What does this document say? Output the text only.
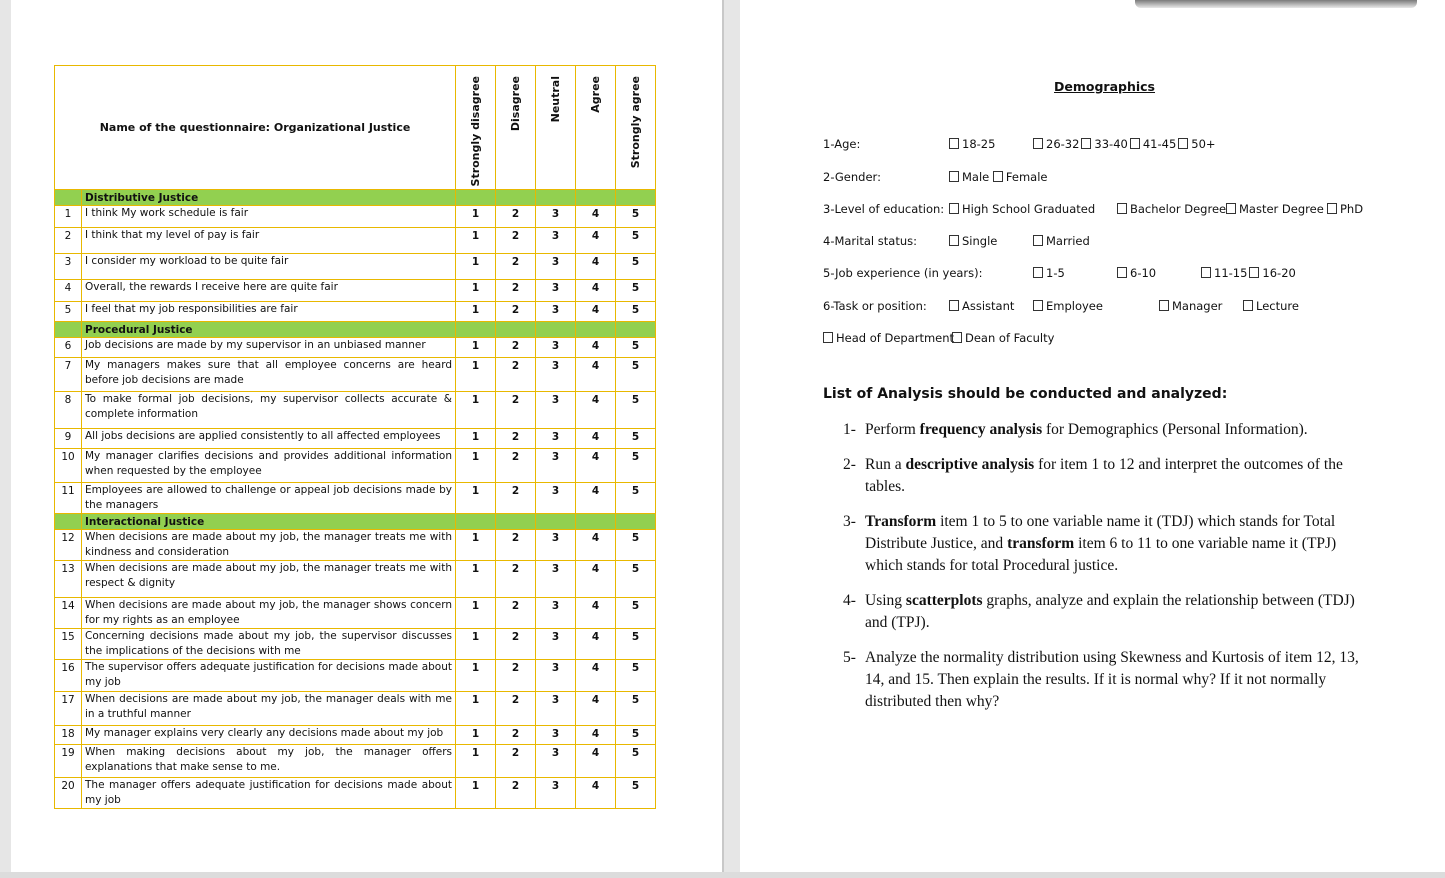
Name of the questionnaire: Organizational Justice		Strongly disagree	Disagree	Neutral	Agree	Strongly agree
	Distributive Justice					
1	I think My work schedule is fair	1	2	3	4	5
2	I think that my level of pay is fair	1	2	3	4	5
3	I consider my workload to be quite fair	1	2	3	4	5
4	Overall, the rewards I receive here are quite fair	1	2	3	4	5
5	I feel that my job responsibilities are fair	1	2	3	4	5
	Procedural Justice					
6	Job decisions are made by my supervisor in an unbiased manner	1	2	3	4	5
7	My managers makes sure that all employee concerns are heard before job decisions are made	1	2	3	4	5
8	To make formal job decisions, my supervisor collects accurate & complete information	1	2	3	4	5
9	All jobs decisions are applied consistently to all affected employees	1	2	3	4	5
10	My manager clarifies decisions and provides additional information when requested by the employee	1	2	3	4	5
11	Employees are allowed to challenge or appeal job decisions made by the managers	1	2	3	4	5
	Interactional Justice					
12	When decisions are made about my job, the manager treats me with kindness and consideration	1	2	3	4	5
13	When decisions are made about my job, the manager treats me with respect & dignity	1	2	3	4	5
14	When decisions are made about my job, the manager shows concern for my rights as an employee	1	2	3	4	5
15	Concerning decisions made about my job, the supervisor discusses the implications of the decisions with me	1	2	3	4	5
16	The supervisor offers adequate justification for decisions made about my job	1	2	3	4	5
17	When decisions are made about my job, the manager deals with me in a truthful manner	1	2	3	4	5
18	My manager explains very clearly any decisions made about my job	1	2	3	4	5
19	When making decisions about my job, the manager offers explanations that make sense to me.	1	2	3	4	5
20	The manager offers adequate justification for decisions made about my job	1	2	3	4	5
Demographics
1-Age:	18-25	26-32 33-40 41-45 50+
2-Gender:	Male Female
3-Level of education:	High School Graduated	Bachelor Degree	Master Degree	PhD
4-Marital status:	Single	Married
5-Job experience (in years):	1-5	6-10	11-15 16-20
6-Task or position:	Assistant	Employee	Manager	Lecture
Head of Department Dean of Faculty
List of Analysis should be conducted and analyzed:
1- Perform frequency analysis for Demographics (Personal Information).
2- Run a descriptive analysis for item 1 to 12 and interpret the outcomes of the tables.
3- Transform item 1 to 5 to one variable name it (TDJ) which stands for Total Distribute Justice, and transform item 6 to 11 to one variable name it (TPJ) which stands for total Procedural justice.
4- Using scatterplots graphs, analyze and explain the relationship between (TDJ) and (TPJ).
5- Analyze the normality distribution using Skewness and Kurtosis of item 12, 13, 14, and 15. Then explain the results. If it is normal why? If it not normally distributed then why?
